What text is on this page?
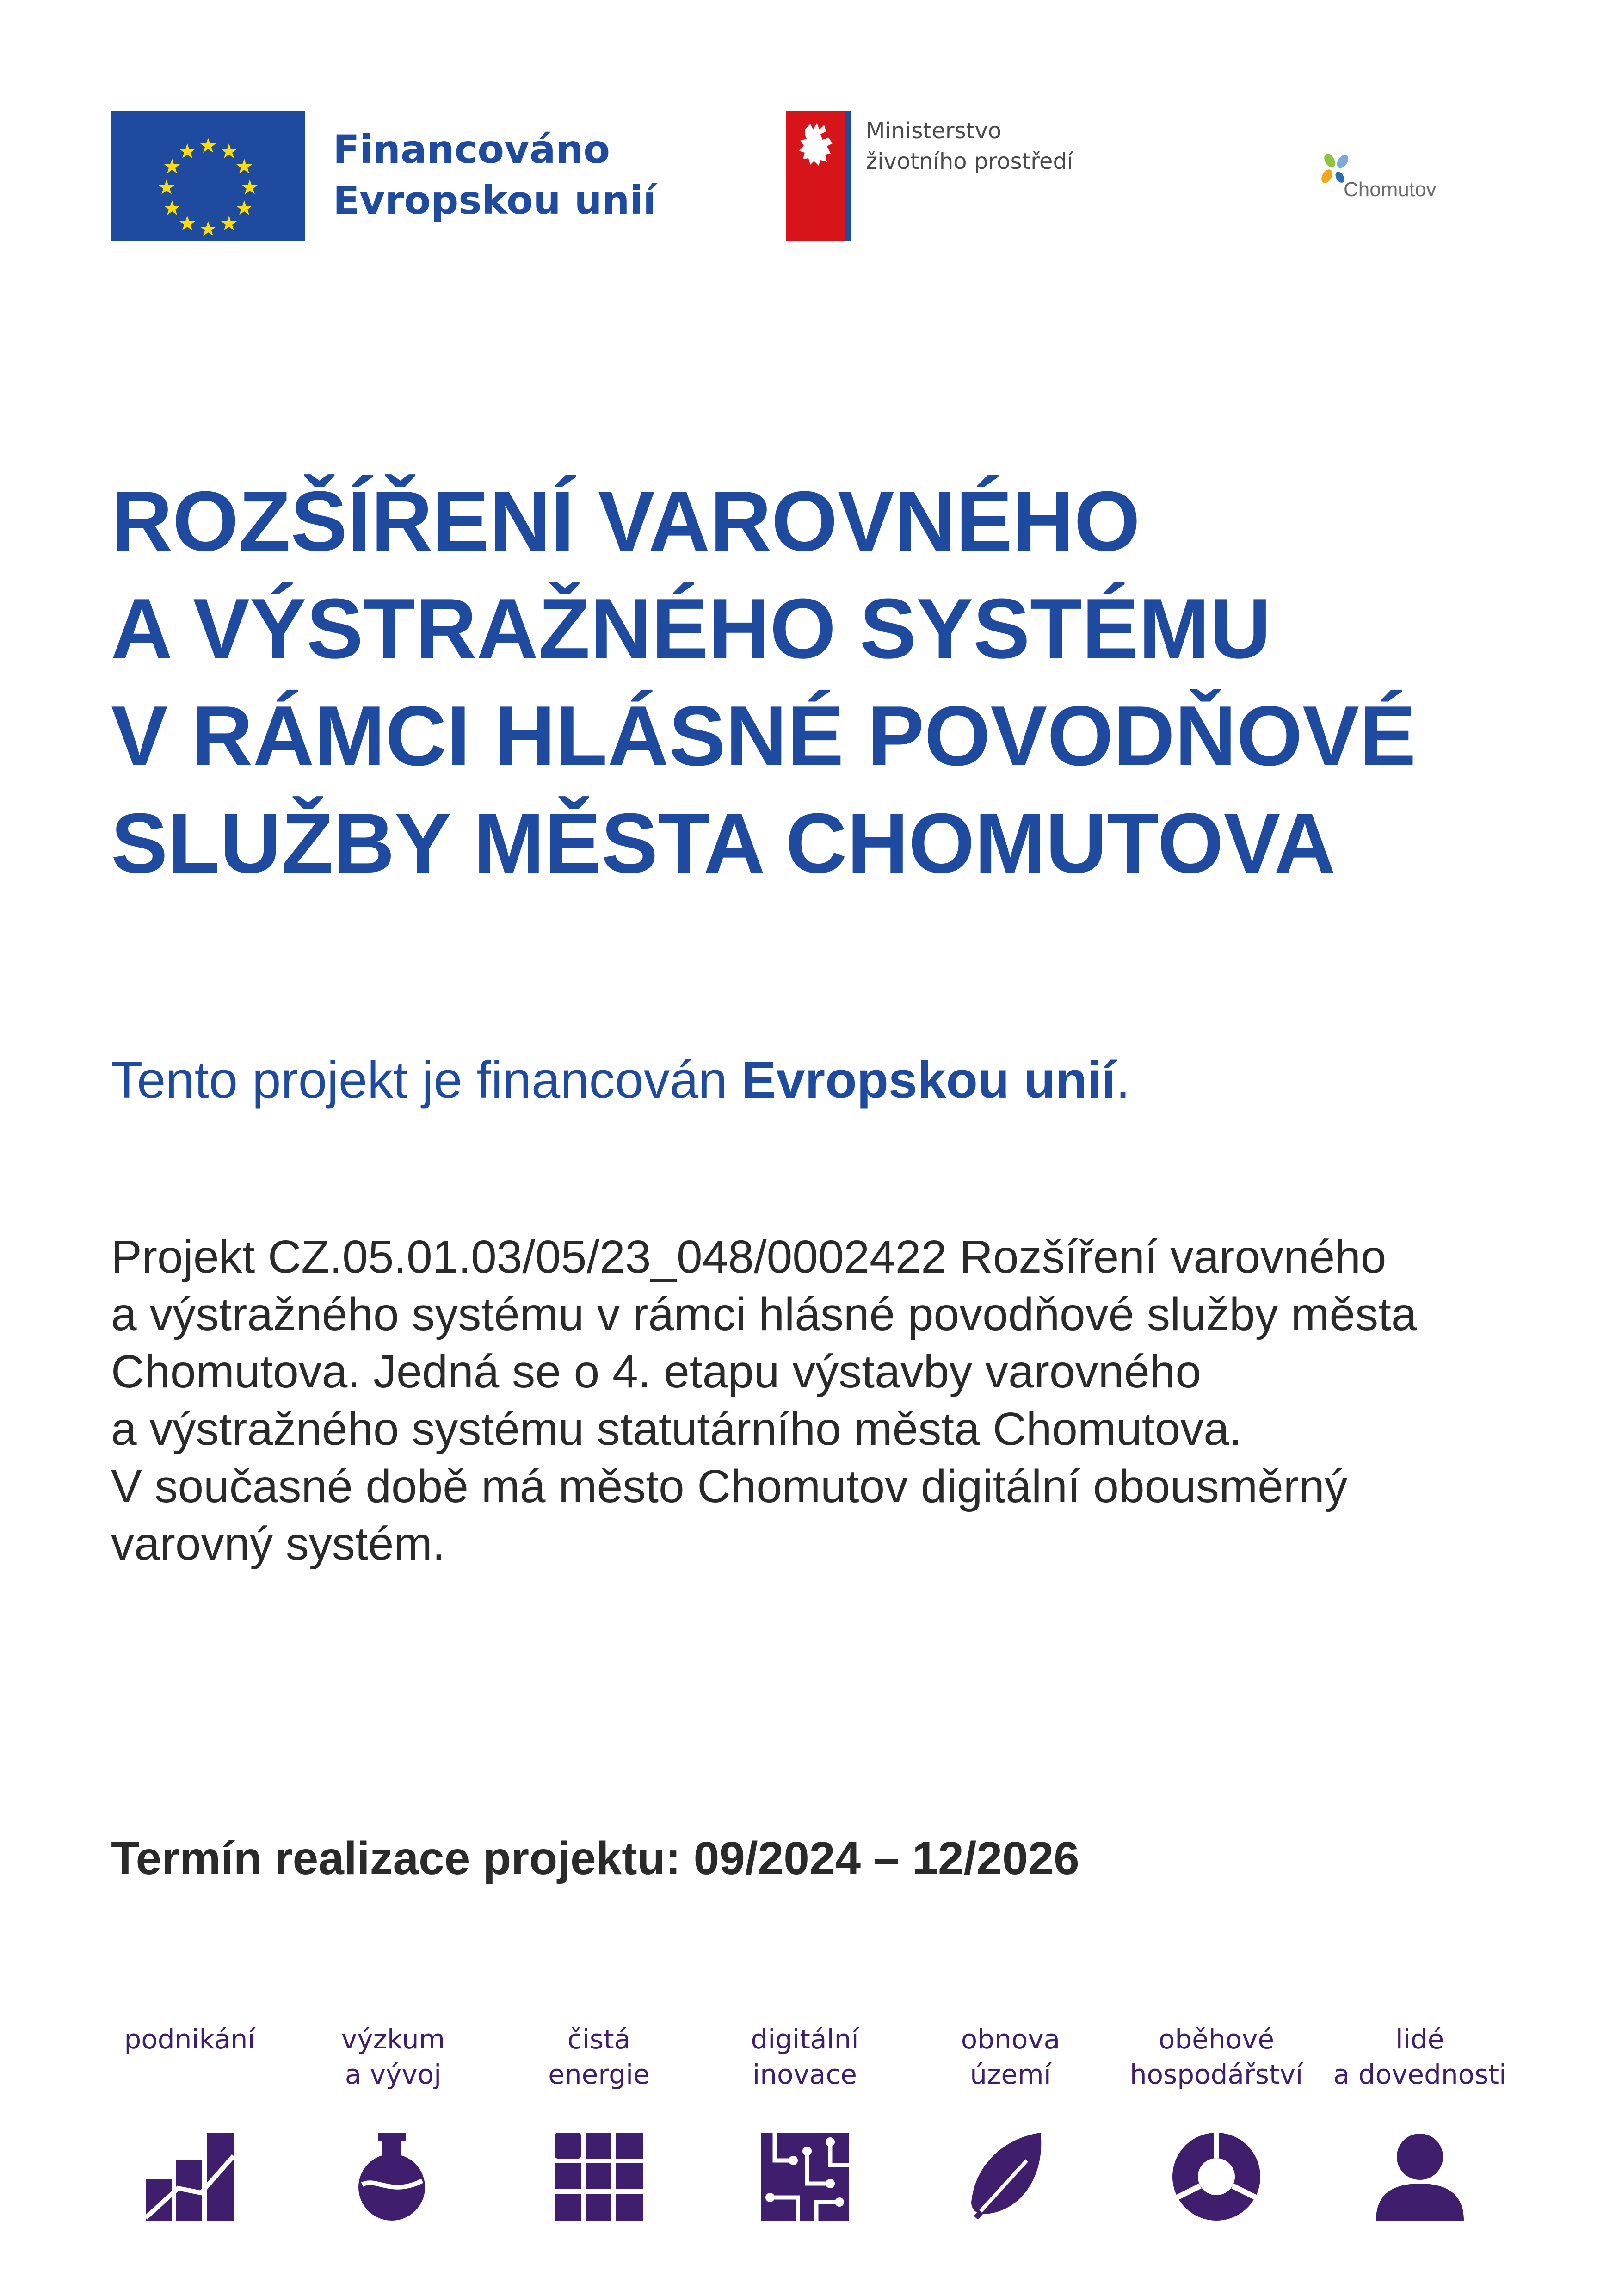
Financováno
Evropskou unií
Ministerstvo
životního prostředí
Chomutov
ROZŠÍŘENÍ VAROVNÉHO
A VÝSTRAŽNÉHO SYSTÉMU
V RÁMCI HLÁSNÉ POVODŇOVÉ
SLUŽBY MĚSTA CHOMUTOVA
Tento projekt je financován Evropskou unií.
Projekt CZ.05.01.03/05/23_048/0002422 Rozšíření varovného
a výstražného systému v rámci hlásné povodňové služby města
Chomutova. Jedná se o 4. etapu výstavby varovného
a výstražného systému statutárního města Chomutova.
V současné době má město Chomutov digitální obousměrný
varovný systém.
Termín realizace projektu: 09/2024 – 12/2026
podnikání	výzkum
a vývoj
čistá
energie
digitální
inovace
obnova
území
oběhové
hospodářství
lidé
a dovednosti
